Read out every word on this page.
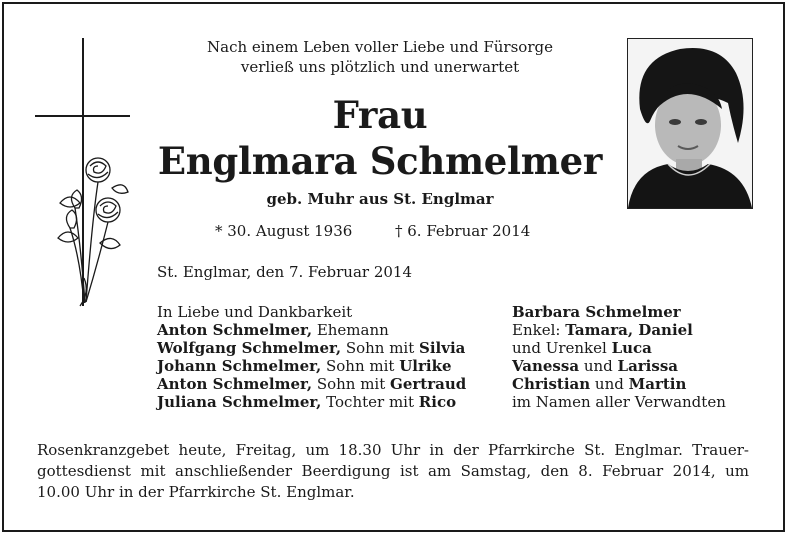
Nach einem Leben voller Liebe und Fürsorge
verließ uns plötzlich und unerwartet
Frau
Englmara Schmelmer
geb. Muhr aus St. Englmar
* 30. August 1936	† 6. Februar 2014
St. Englmar, den 7. Februar 2014
In Liebe und Dankbarkeit
Anton Schmelmer, Ehemann
Wolfgang Schmelmer, Sohn mit Silvia
Johann Schmelmer, Sohn mit Ulrike
Anton Schmelmer, Sohn mit Gertraud
Juliana Schmelmer, Tochter mit Rico
Barbara Schmelmer
Enkel: Tamara, Daniel
und Urenkel Luca
Vanessa und Larissa
Christian und Martin
im Namen aller Verwandten
Rosenkranzgebet heute, Freitag, um 18.30 Uhr in der Pfarrkirche St. Englmar. Trauer-
gottesdienst mit anschließender Beerdigung ist am Samstag, den 8. Februar 2014, um
10.00 Uhr in der Pfarrkirche St. Englmar.
